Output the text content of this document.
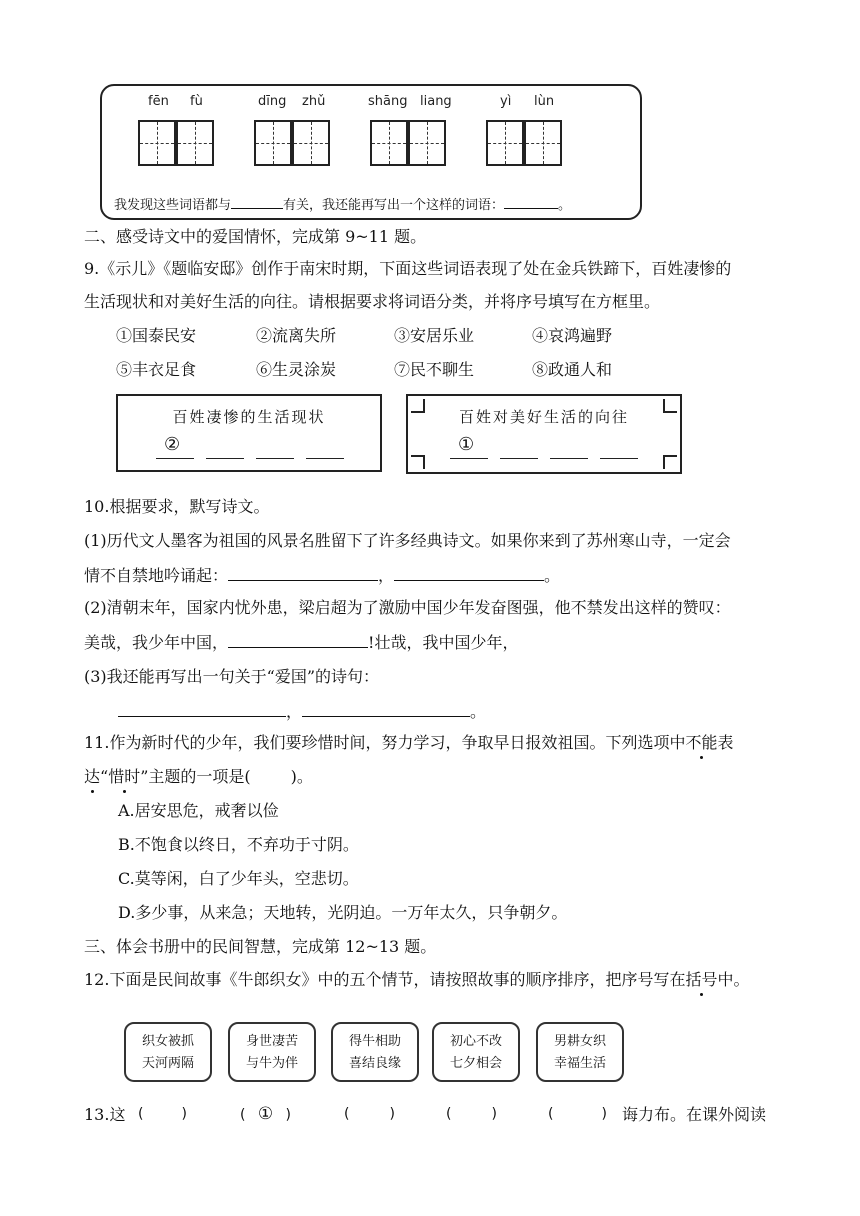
fēn fù	dīng zhǔ	shāng liang	yì lùn
我发现这些词语都与	有关，我还能再写出一个这样的词语：	。
二、感受诗文中的爱国情怀，完成第 9~11 题。
9.《示儿》《题临安邸》创作于南宋时期，下面这些词语表现了处在金兵铁蹄下，百姓凄惨的
生活现状和对美好生活的向往。请根据要求将词语分类，并将序号填写在方框里。
①国泰民安	②流离失所	③安居乐业	④哀鸿遍野
⑤丰衣足食	⑥生灵涂炭	⑦民不聊生	⑧政通人和
百姓凄惨的生活现状
②
百姓对美好生活的向往
①
10.根据要求，默写诗文。
(1)历代文人墨客为祖国的风景名胜留下了许多经典诗文。如果你来到了苏州寒山寺，一定会
情不自禁地吟诵起：	，	。
(2)清朝末年，国家内忧外患，梁启超为了激励中国少年发奋图强，他不禁发出这样的赞叹：
美哉，我少年中国，	!壮哉，我中国少年，
(3)我还能再写出一句关于“爱国”的诗句：
，	。
11.作为新时代的少年，我们要珍惜时间，努力学习，争取早日报效祖国。下列选项中不能表
达“惜时”主题的一项是(	)。
A.居安思危，戒奢以俭
B.不饱食以终日，不弃功于寸阴。
C.莫等闲，白了少年头，空悲切。
D.多少事，从来急；天地转，光阴迫。一万年太久，只争朝夕。
三、体会书册中的民间智慧，完成第 12~13 题。
12.下面是民间故事《牛郎织女》中的五个情节，请按照故事的顺序排序，把序号写在括号中。
织女被抓
天河两隔
身世凄苦
与牛为伴
得牛相助
喜结良缘
初心不改
七夕相会
男耕女织
幸福生活
13.这 (	)	( ① )	(	)	(	)	(	) 诲力布。在课外阅读
